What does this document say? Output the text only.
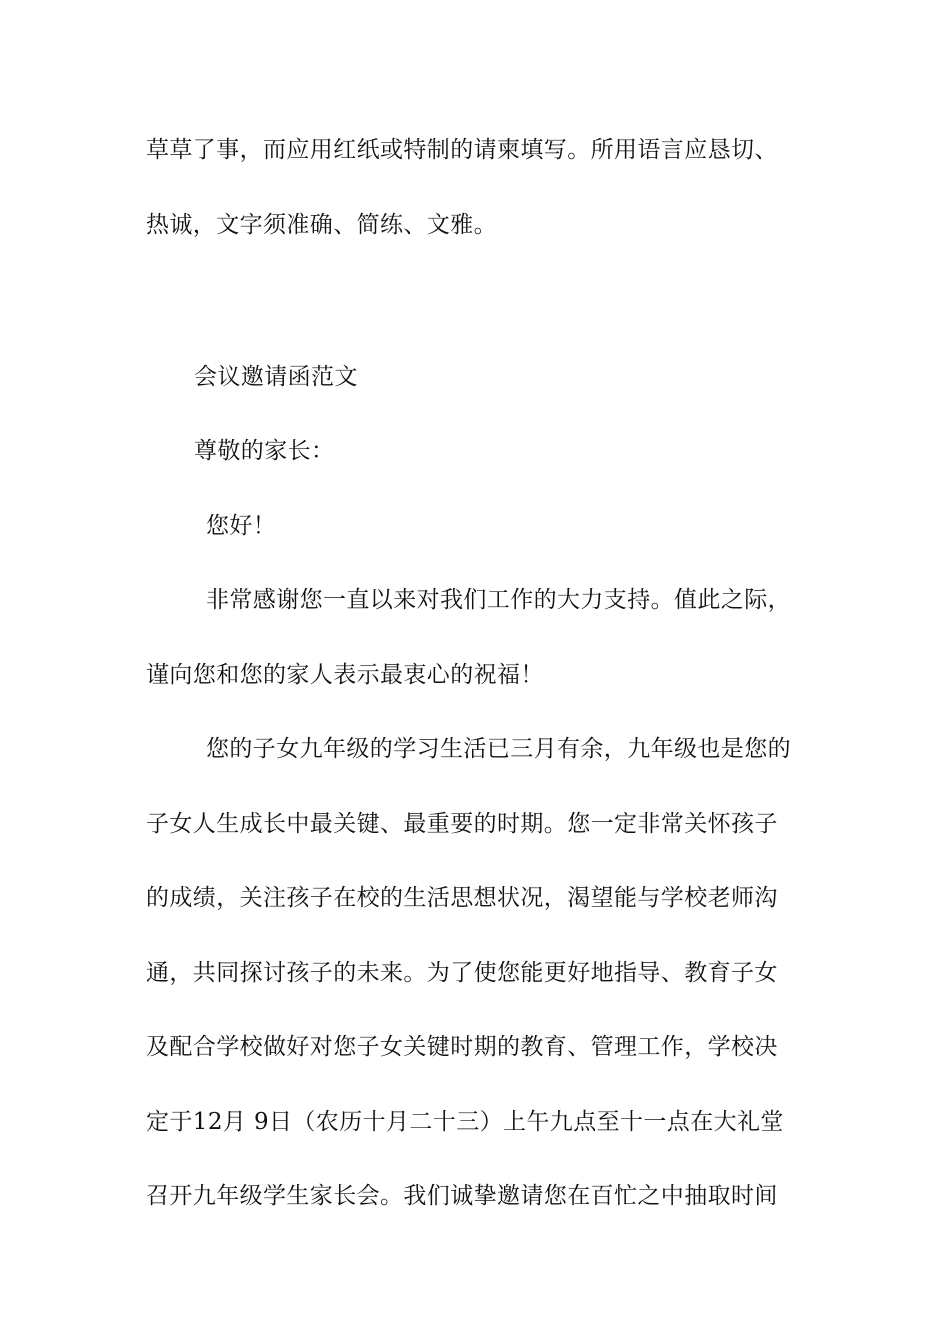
草草了事，而应用红纸或特制的请柬填写。所用语言应恳切、
热诚，文字须准确、简练、文雅。
会议邀请函范文
尊敬的家长：
您好！
非常感谢您一直以来对我们工作的大力支持。值此之际，
谨向您和您的家人表示最衷心的祝福！
您的子女九年级的学习生活已三月有余，九年级也是您的
子女人生成长中最关键、最重要的时期。您一定非常关怀孩子
的成绩，关注孩子在校的生活思想状况，渴望能与学校老师沟
通，共同探讨孩子的未来。为了使您能更好地指导、教育子女
及配合学校做好对您子女关键时期的教育、管理工作，学校决
定于12月 9日（农历十月二十三）上午九点至十一点在大礼堂
召开九年级学生家长会。我们诚挚邀请您在百忙之中抽取时间
